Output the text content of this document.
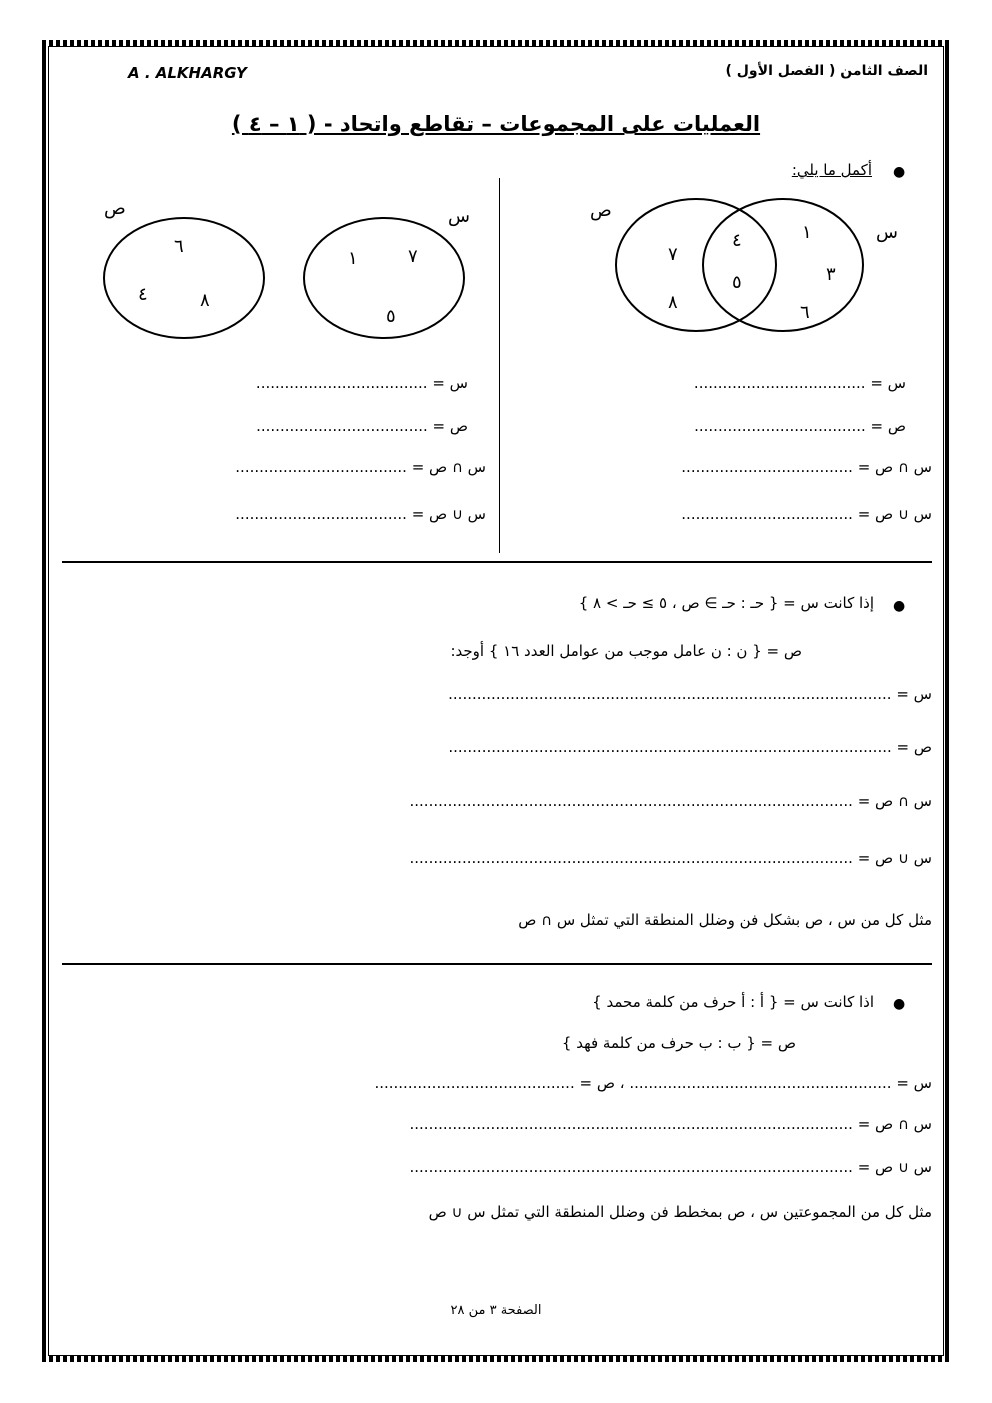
الصف الثامن ( الفصل الأول )
A . ALKHARGY
العمليات على المجموعات – تقاطع واتحاد - ( ١ – ٤ )
●
أكمل ما يلي:
س
ص
١
٣
٦
٤
٥
٧
٨
س
ص
١	٧
٥
٦
٤	٨
س = ....................................
ص = ....................................
س ∩ ص = ....................................
س ∪ ص = ....................................
س = ....................................
ص = ....................................
س ∩ ص = ....................................
س ∪ ص = ....................................
●
إذا كانت س = { حـ : حـ ∋ ص ، ٥ ≥ حـ > ٨ }
ص = { ن : ن عامل موجب من عوامل العدد ١٦ } أوجد:
س = .............................................................................................
ص = .............................................................................................
س ∩ ص = .............................................................................................
س ∪ ص = .............................................................................................
مثل كل من س ، ص بشكل فن وضلل المنطقة التي تمثل س ∩ ص
●
اذا كانت س = { أ : أ حرف من كلمة محمد }
ص = { ب : ب حرف من كلمة فهد }
س = ....................................................... ، ص = ..........................................
س ∩ ص = .............................................................................................
س ∪ ص = .............................................................................................
مثل كل من المجموعتين س ، ص بمخطط فن وضلل المنطقة التي تمثل س ∪ ص
الصفحة ٣ من ٢٨
